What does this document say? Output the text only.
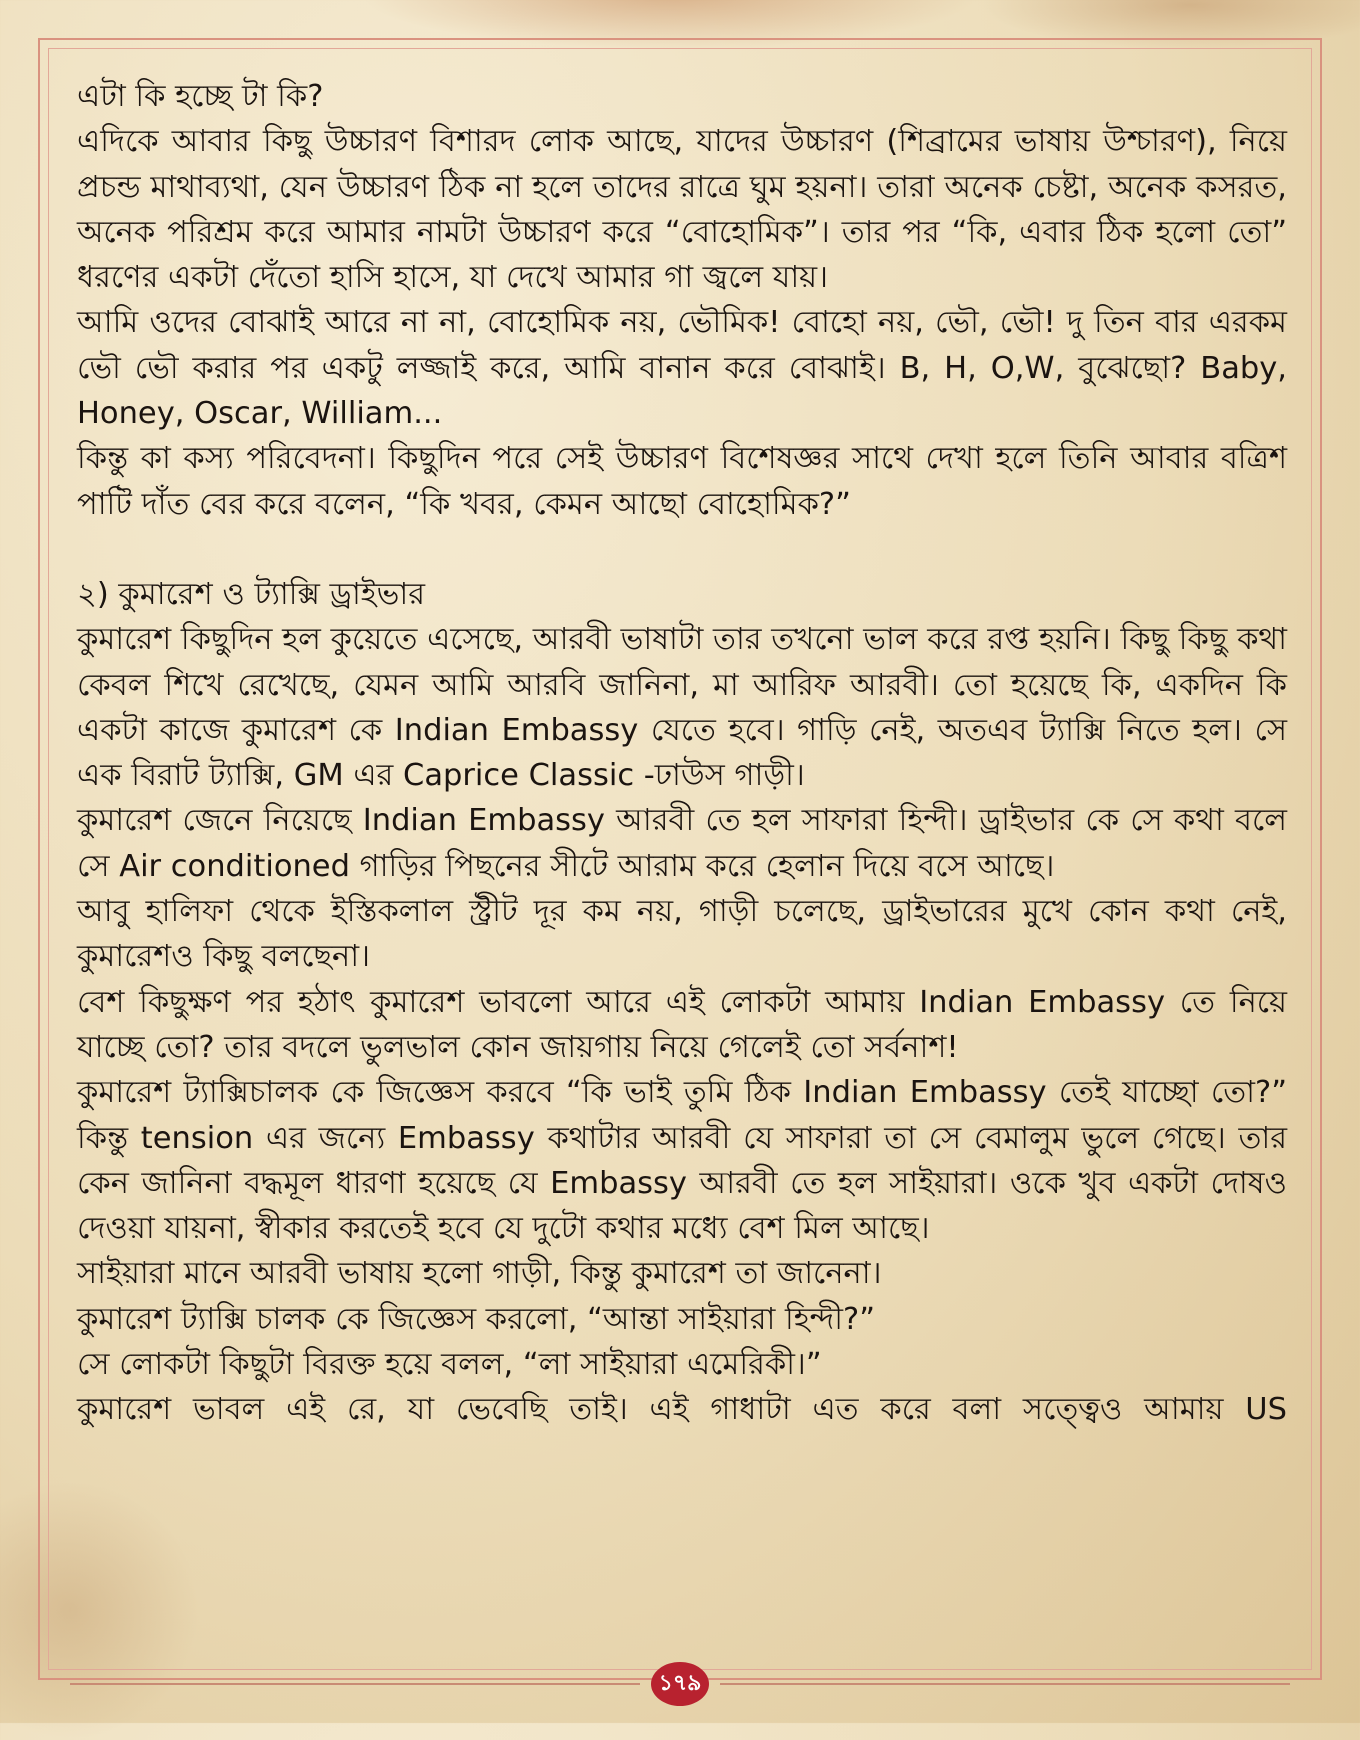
এটা কি হচ্ছে টা কি?

এদিকে আবার কিছু উচ্চারণ বিশারদ লোক আছে, যাদের উচ্চারণ (শিব্রামের ভাষায় উশ্চারণ), নিয়ে প্রচন্ড মাথাব্যথা, যেন উচ্চারণ ঠিক না হলে তাদের রাত্রে ঘুম হয়না। তারা অনেক চেষ্টা, অনেক কসরত, অনেক পরিশ্রম করে আমার নামটা উচ্চারণ করে “বোহোমিক”। তার পর “কি, এবার ঠিক হলো তো” ধরণের একটা দেঁতো হাসি হাসে, যা দেখে আমার গা জ্বলে যায়।

আমি ওদের বোঝাই আরে না না, বোহোমিক নয়, ভৌমিক! বোহো নয়, ভৌ, ভৌ! দু তিন বার এরকম ভৌ ভৌ করার পর একটু লজ্জাই করে, আমি বানান করে বোঝাই। B, H, O,W, বুঝেছো? Baby, Honey, Oscar, William...

কিন্তু কা কস্য পরিবেদনা। কিছুদিন পরে সেই উচ্চারণ বিশেষজ্ঞর সাথে দেখা হলে তিনি আবার বত্রিশ পাটি দাঁত বের করে বলেন, “কি খবর, কেমন আছো বোহোমিক?”

২) কুমারেশ ও ট্যাক্সি ড্রাইভার

কুমারেশ কিছুদিন হল কুয়েতে এসেছে, আরবী ভাষাটা তার তখনো ভাল করে রপ্ত হয়নি। কিছু কিছু কথা কেবল শিখে রেখেছে, যেমন আমি আরবি জানিনা, মা আরিফ আরবী। তো হয়েছে কি, একদিন কি একটা কাজে কুমারেশ কে Indian Embassy যেতে হবে। গাড়ি নেই, অতএব ট্যাক্সি নিতে হল। সে এক বিরাট ট্যাক্সি, GM এর Caprice Classic -ঢাউস গাড়ী।

কুমারেশ জেনে নিয়েছে Indian Embassy আরবী তে হল সাফারা হিন্দী। ড্রাইভার কে সে কথা বলে সে Air conditioned গাড়ির পিছনের সীটে আরাম করে হেলান দিয়ে বসে আছে।

আবু হালিফা থেকে ইস্তিকলাল স্ট্রীট দূর কম নয়, গাড়ী চলেছে, ড্রাইভারের মুখে কোন কথা নেই, কুমারেশও কিছু বলছেনা।

বেশ কিছুক্ষণ পর হঠাৎ কুমারেশ ভাবলো আরে এই লোকটা আমায় Indian Embassy তে নিয়ে যাচ্ছে তো? তার বদলে ভুলভাল কোন জায়গায় নিয়ে গেলেই তো সর্বনাশ!

কুমারেশ ট্যাক্সিচালক কে জিজ্ঞেস করবে “কি ভাই তুমি ঠিক Indian Embassy তেই যাচ্ছো তো?” কিন্তু tension এর জন্যে Embassy কথাটার আরবী যে সাফারা তা সে বেমালুম ভুলে গেছে। তার কেন জানিনা বদ্ধমূল ধারণা হয়েছে যে Embassy আরবী তে হল সাইয়ারা। ওকে খুব একটা দোষও দেওয়া যায়না, স্বীকার করতেই হবে যে দুটো কথার মধ্যে বেশ মিল আছে।

সাইয়ারা মানে আরবী ভাষায় হলো গাড়ী, কিন্তু কুমারেশ তা জানেনা।

কুমারেশ ট্যাক্সি চালক কে জিজ্ঞেস করলো, “আন্তা সাইয়ারা হিন্দী?”

সে লোকটা কিছুটা বিরক্ত হয়ে বলল, “লা সাইয়ারা এমেরিকী।”

কুমারেশ ভাবল এই রে, যা ভেবেছি তাই। এই গাধাটা এত করে বলা সত্ত্বেও আমায় US

১৭৯
